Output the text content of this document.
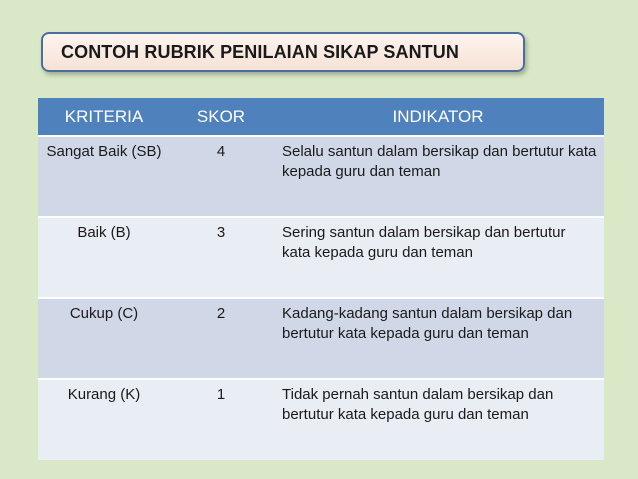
CONTOH RUBRIK PENILAIAN SIKAP SANTUN
KRITERIA	SKOR	INDIKATOR
Sangat Baik (SB)	4	Selalu santun dalam bersikap dan bertutur kata kepada guru dan teman
Baik (B)	3	Sering santun dalam bersikap dan bertutur kata kepada guru dan teman
Cukup (C)	2	Kadang-kadang santun dalam bersikap dan bertutur kata kepada guru dan teman
Kurang (K)	1	Tidak pernah santun dalam bersikap dan bertutur kata kepada guru dan teman
